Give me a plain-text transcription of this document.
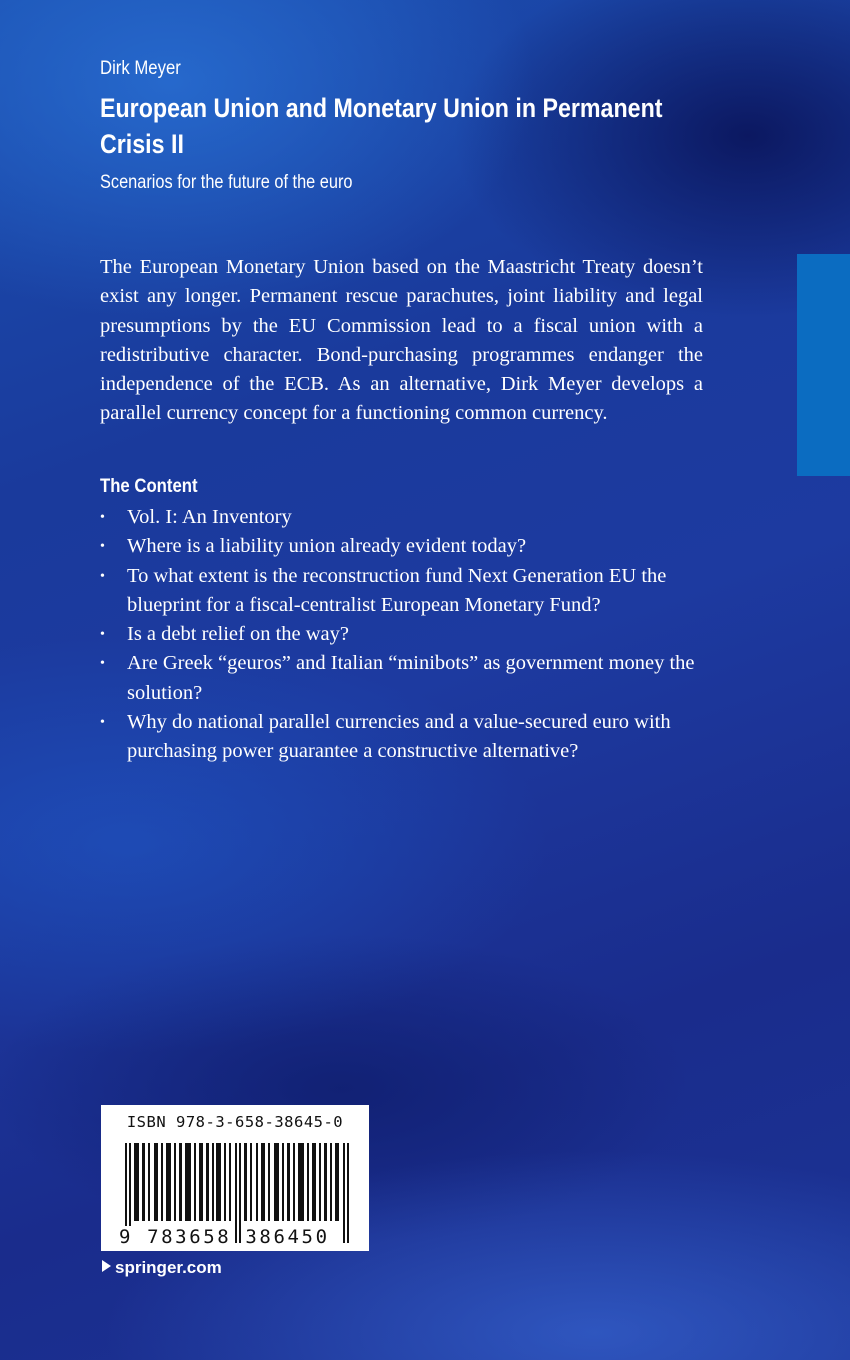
Dirk Meyer
European Union and Monetary Union in Permanent Crisis II
Scenarios for the future of the euro
The European Monetary Union based on the Maastricht Treaty doesn’t exist any longer. Permanent rescue parachutes, joint liability and legal presumptions by the EU Commission lead to a fiscal union with a redistributive character. Bond-purchasing programmes endanger the independence of the ECB. As an alternative, Dirk Meyer develops a parallel currency concept for a functioning common currency.
The Content
• Vol. I: An Inventory
• Where is a liability union already evident today?
• To what extent is the reconstruction fund Next Generation EU the blueprint for a fiscal-centralist European Monetary Fund?
• Is a debt relief on the way?
• Are Greek “geuros” and Italian “minibots” as government money the solution?
• Why do national parallel currencies and a value-secured euro with purchasing power guarantee a constructive alternative?
ISBN 978-3-658-38645-0
9 783658 386450
springer.com
